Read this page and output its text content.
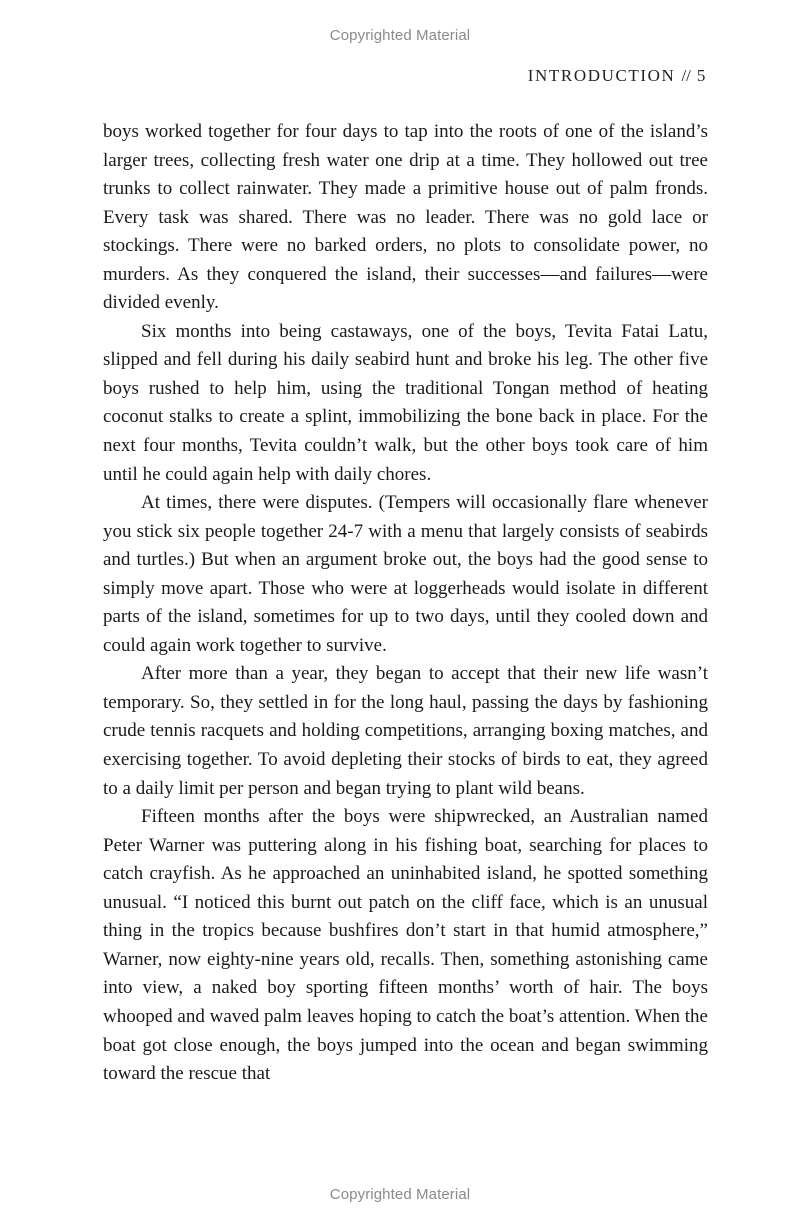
Copyrighted Material
INTRODUCTION // 5

boys worked together for four days to tap into the roots of one of the island’s larger trees, collecting fresh water one drip at a time. They hollowed out tree trunks to collect rainwater. They made a primitive house out of palm fronds. Every task was shared. There was no leader. There was no gold lace or stockings. There were no barked orders, no plots to consolidate power, no murders. As they conquered the island, their successes—and failures—were divided evenly.

Six months into being castaways, one of the boys, Tevita Fatai Latu, slipped and fell during his daily seabird hunt and broke his leg. The other five boys rushed to help him, using the traditional Tongan method of heating coconut stalks to create a splint, immobilizing the bone back in place. For the next four months, Tevita couldn’t walk, but the other boys took care of him until he could again help with daily chores.

At times, there were disputes. (Tempers will occasionally flare whenever you stick six people together 24-7 with a menu that largely consists of seabirds and turtles.) But when an argument broke out, the boys had the good sense to simply move apart. Those who were at loggerheads would isolate in different parts of the island, sometimes for up to two days, until they cooled down and could again work together to survive.

After more than a year, they began to accept that their new life wasn’t temporary. So, they settled in for the long haul, passing the days by fashioning crude tennis racquets and holding competitions, arranging boxing matches, and exercising together. To avoid depleting their stocks of birds to eat, they agreed to a daily limit per person and began trying to plant wild beans.

Fifteen months after the boys were shipwrecked, an Australian named Peter Warner was puttering along in his fishing boat, searching for places to catch crayfish. As he approached an uninhabited island, he spotted something unusual. “I noticed this burnt out patch on the cliff face, which is an unusual thing in the tropics because bushfires don’t start in that humid atmosphere,” Warner, now eighty-nine years old, recalls. Then, something astonishing came into view, a naked boy sporting fifteen months’ worth of hair. The boys whooped and waved palm leaves hoping to catch the boat’s attention. When the boat got close enough, the boys jumped into the ocean and began swimming toward the rescue that

Copyrighted Material
